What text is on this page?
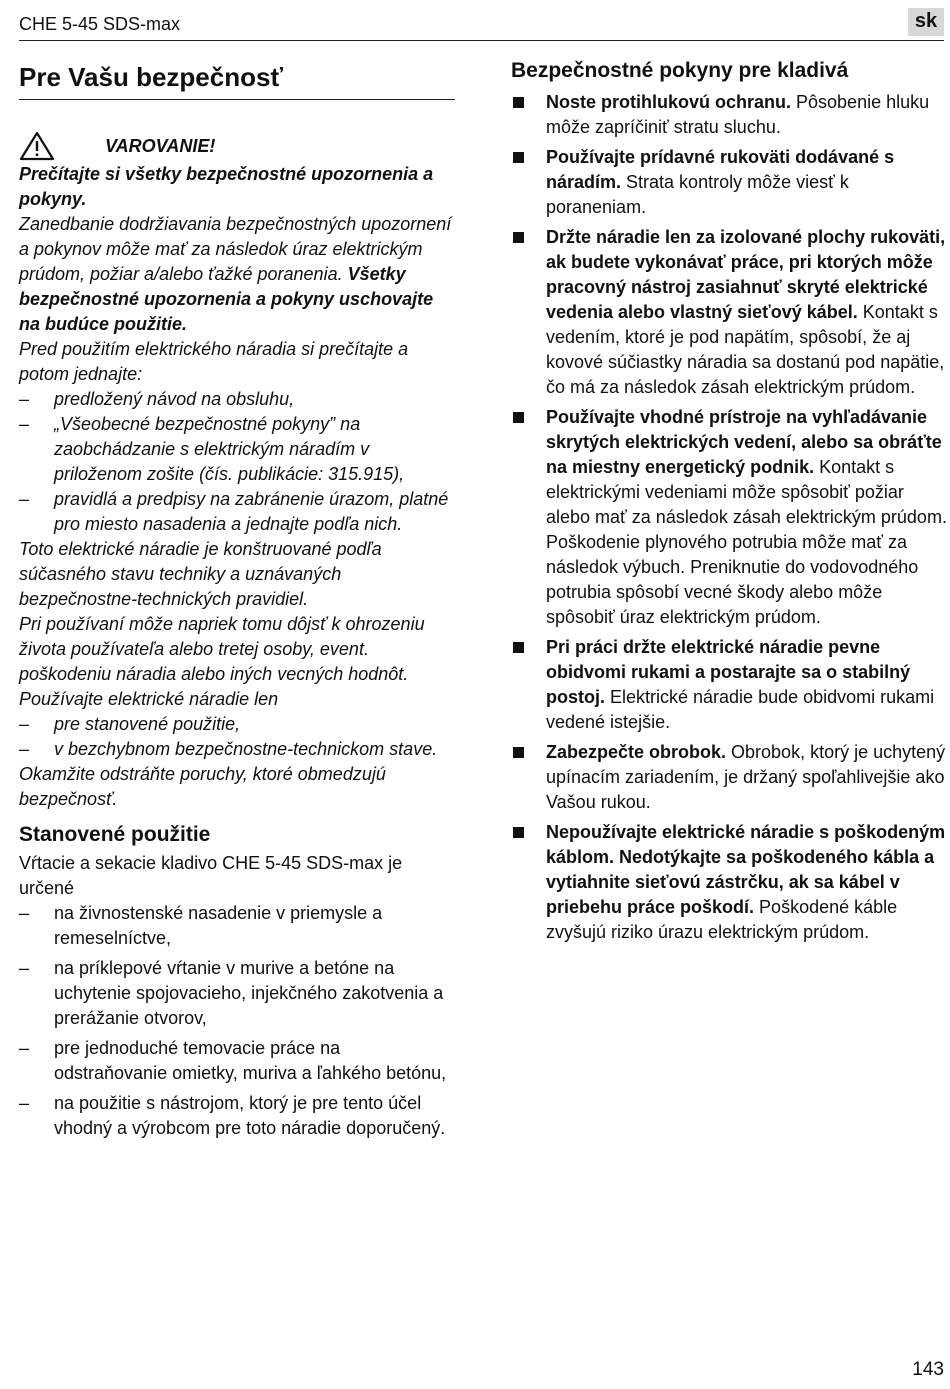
CHE 5-45 SDS-max	sk
Pre Vašu bezpečnosť
VAROVANIE!

Prečítajte si všetky bezpečnostné upozornenia a pokyny.

Zanedbanie dodržiavania bezpečnostných upozornení a pokynov môže mať za následok úraz elektrickým prúdom, požiar a/alebo ťažké poranenia. Všetky bezpečnostné upozornenia a pokyny uschovajte na budúce použitie.

Pred použitím elektrického náradia si prečítajte a potom jednajte:

– predložený návod na obsluhu,
– „Všeobecné bezpečnostné pokyny” na zaobchádzanie s elektrickým náradím v priloženom zošite (čís. publikácie: 315.915),
– pravidlá a predpisy na zabránenie úrazom, platné pro miesto nasadenia a jednajte podľa nich.

Toto elektrické náradie je konštruované podľa súčasného stavu techniky a uznávaných bezpečnostne-technických pravidiel.

Pri používaní môže napriek tomu dôjsť k ohrozeniu života používateľa alebo tretej osoby, event. poškodeniu náradia alebo iných vecných hodnôt. Používajte elektrické náradie len

– pre stanovené použitie,
– v bezchybnom bezpečnostne-technickom stave.

Okamžite odstráňte poruchy, ktoré obmedzujú bezpečnosť.

Stanovené použitie

Vŕtacie a sekacie kladivo CHE 5-45 SDS-max je určené

– na živnostenské nasadenie v priemysle a remeselníctve,
– na príklepové vŕtanie v murive a betóne na uchytenie spojovacieho, injekčného zakotvenia a prerážanie otvorov,
– pre jednoduché temovacie práce na odstraňovanie omietky, muriva a ľahkého betónu,
– na použitie s nástrojom, ktorý je pre tento účel vhodný a výrobcom pre toto náradie doporučený.
Bezpečnostné pokyny pre kladivá
Noste protihlukovú ochranu. Pôsobenie hluku môže zapríčiniť stratu sluchu.
Používajte prídavné rukoväti dodávané s náradím. Strata kontroly môže viesť k poraneniam.
Držte náradie len za izolované plochy rukoväti, ak budete vykonávať práce, pri ktorých môže pracovný nástroj zasiahnuť skryté elektrické vedenia alebo vlastný sieťový kábel. Kontakt s vedením, ktoré je pod napätím, spôsobí, že aj kovové súčiastky náradia sa dostanú pod napätie, čo má za následok zásah elektrickým prúdom.
Používajte vhodné prístroje na vyhľadávanie skrytých elektrických vedení, alebo sa obráťte na miestny energetický podnik. Kontakt s elektrickými vedeniami môže spôsobiť požiar alebo mať za následok zásah elektrickým prúdom. Poškodenie plynového potrubia môže mať za následok výbuch. Preniknutie do vodovodného potrubia spôsobí vecné škody alebo môže spôsobiť úraz elektrickým prúdom.
Pri práci držte elektrické náradie pevne obidvomi rukami a postarajte sa o stabilný postoj. Elektrické náradie bude obidvomi rukami vedené istejšie.
Zabezpečte obrobok. Obrobok, ktorý je uchytený upínacím zariadením, je držaný spoľahlivejšie ako Vašou rukou.
Nepoužívajte elektrické náradie s poškodeným káblom. Nedotýkajte sa poškodeného kábla a vytiahnite sieťovú zástrčku, ak sa kábel v priebehu práce poškodí. Poškodené káble zvyšujú riziko úrazu elektrickým prúdom.
143
